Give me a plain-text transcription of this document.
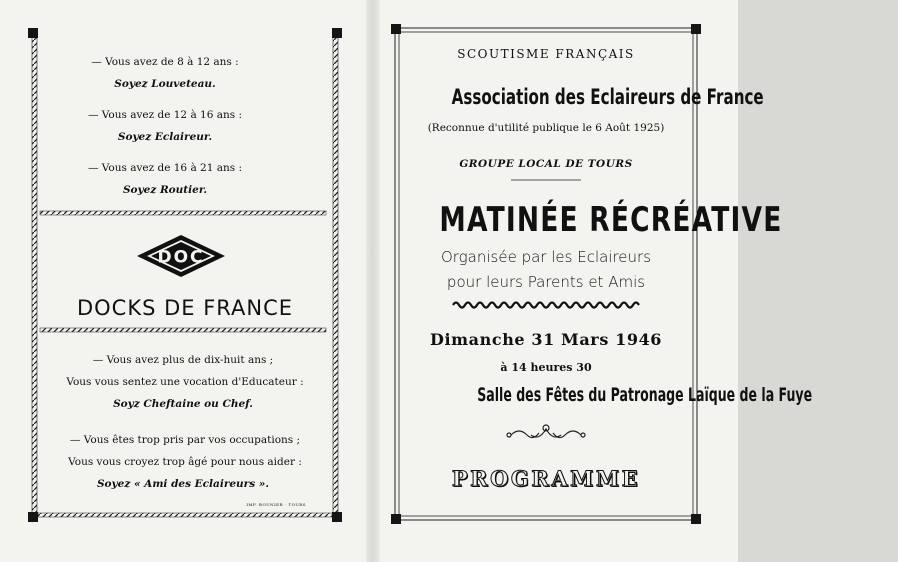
— Vous avez de 8 à 12 ans :
Soyez Louveteau.
— Vous avez de 12 à 16 ans :
Soyez Eclaireur.
— Vous avez de 16 à 21 ans :
Soyez Routier.
DOC
DOCKS DE FRANCE
— Vous avez plus de dix-huit ans ;
Vous vous sentez une vocation d'Educateur :
Soyz Cheftaine ou Chef.
— Vous êtes trop pris par vos occupations ;
Vous vous croyez trop âgé pour nous aider :
Soyez « Ami des Eclaireurs ».
IMP. BOUNIER · TOURS
SCOUTISME FRANÇAIS
Association des Eclaireurs de France
(Reconnue d'utilité publique le 6 Août 1925)
GROUPE LOCAL DE TOURS
MATINÉE RÉCRÉATIVE
Organisée par les Eclaireurs
pour leurs Parents et Amis
Dimanche 31 Mars 1946
à 14 heures 30
Salle des Fêtes du Patronage Laïque de la Fuye
PROGRAMME
